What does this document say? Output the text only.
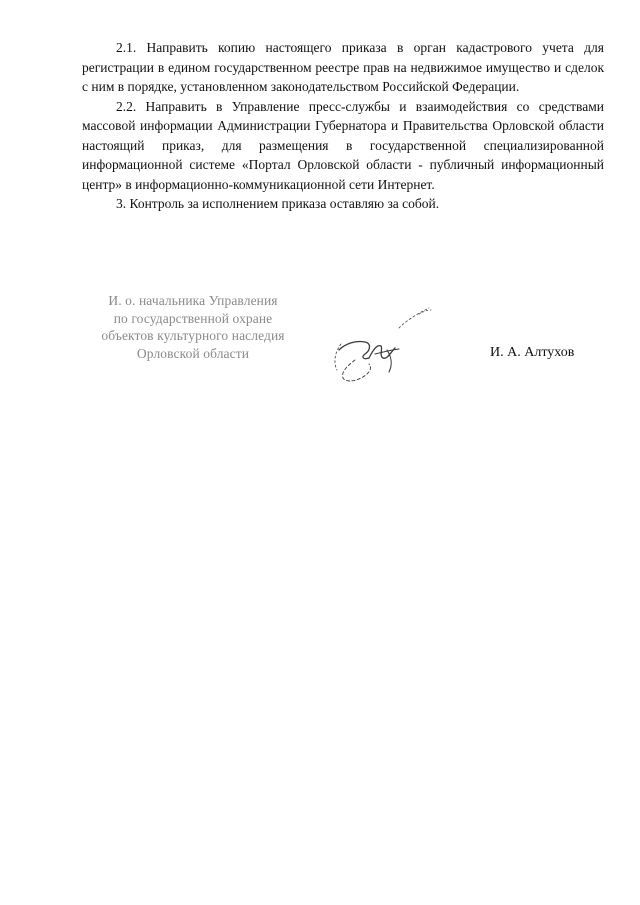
2.1. Направить копию настоящего приказа в орган кадастрового учета для регистрации в едином государственном реестре прав на недвижимое имущество и сделок с ним в порядке, установленном законодательством Российской Федерации.

2.2. Направить в Управление пресс-службы и взаимодействия со средствами массовой информации Администрации Губернатора и Правительства Орловской области настоящий приказ, для размещения в государственной специализированной информационной системе «Портал Орловской области - публичный информационный центр» в информационно-коммуникационной сети Интернет.

3. Контроль за исполнением приказа оставляю за собой.

И. о. начальника Управления
по государственной охране
объектов культурного наследия
Орловской области	И. А. Алтухов
